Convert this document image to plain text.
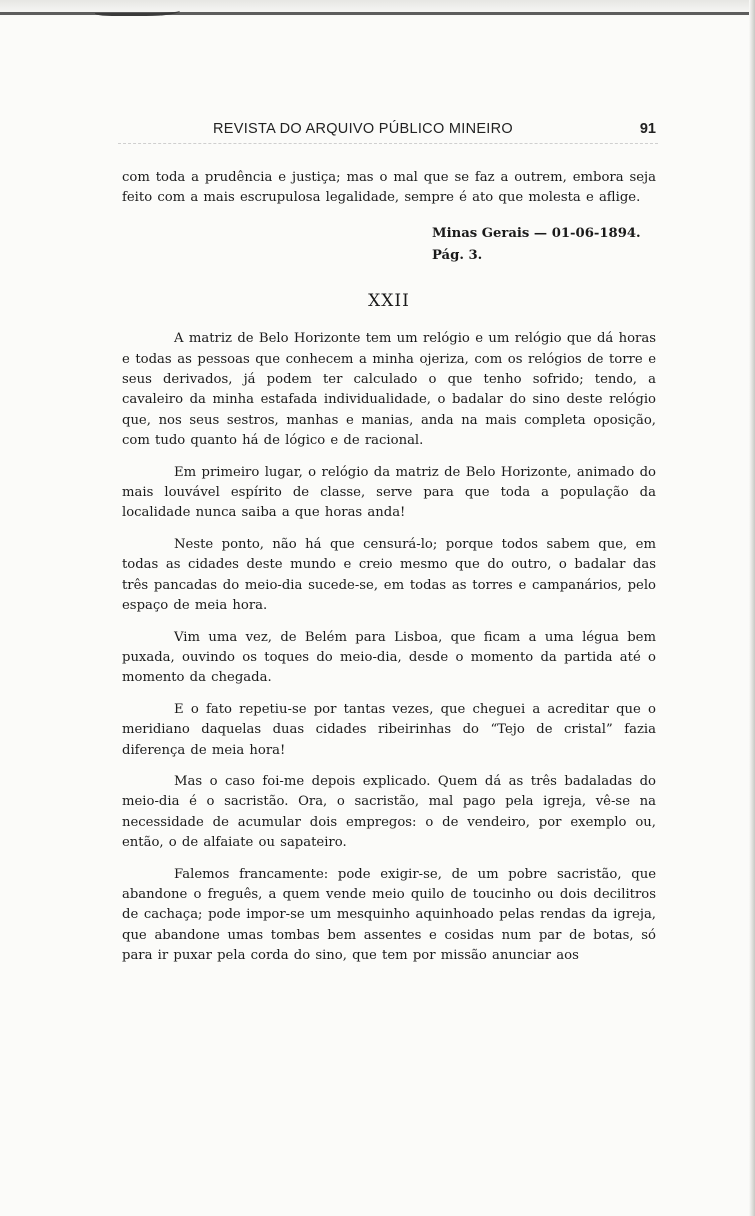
REVISTA DO ARQUIVO PÚBLICO MINEIRO	91

com toda a prudência e justiça; mas o mal que se faz a outrem, embora seja feito com a mais escrupulosa legalidade, sempre é ato que molesta e aflige.

Minas Gerais — 01-06-1894.
Pág. 3.
XXII

A matriz de Belo Horizonte tem um relógio e um relógio que dá horas e todas as pessoas que conhecem a minha ojeriza, com os relógios de torre e seus derivados, já podem ter calculado o que tenho sofrido; tendo, a cavaleiro da minha estafada individualidade, o badalar do sino deste relógio que, nos seus sestros, manhas e manias, anda na mais completa oposição, com tudo quanto há de lógico e de racional.

Em primeiro lugar, o relógio da matriz de Belo Horizonte, animado do mais louvável espírito de classe, serve para que toda a população da localidade nunca saiba a que horas anda!

Neste ponto, não há que censurá-lo; porque todos sabem que, em todas as cidades deste mundo e creio mesmo que do outro, o badalar das três pancadas do meio-dia sucede-se, em todas as torres e campanários, pelo espaço de meia hora.

Vim uma vez, de Belém para Lisboa, que ficam a uma légua bem puxada, ouvindo os toques do meio-dia, desde o momento da partida até o momento da chegada.

E o fato repetiu-se por tantas vezes, que cheguei a acreditar que o meridiano daquelas duas cidades ribeirinhas do “Tejo de cristal” fazia diferença de meia hora!

Mas o caso foi-me depois explicado. Quem dá as três badaladas do meio-dia é o sacristão. Ora, o sacristão, mal pago pela igreja, vê-se na necessidade de acumular dois empregos: o de vendeiro, por exemplo ou, então, o de alfaiate ou sapateiro.

Falemos francamente: pode exigir-se, de um pobre sacristão, que abandone o freguês, a quem vende meio quilo de toucinho ou dois decilitros de cachaça; pode impor-se um mesquinho aquinhoado pelas rendas da igreja, que abandone umas tombas bem assentes e cosidas num par de botas, só para ir puxar pela corda do sino, que tem por missão anunciar aos
